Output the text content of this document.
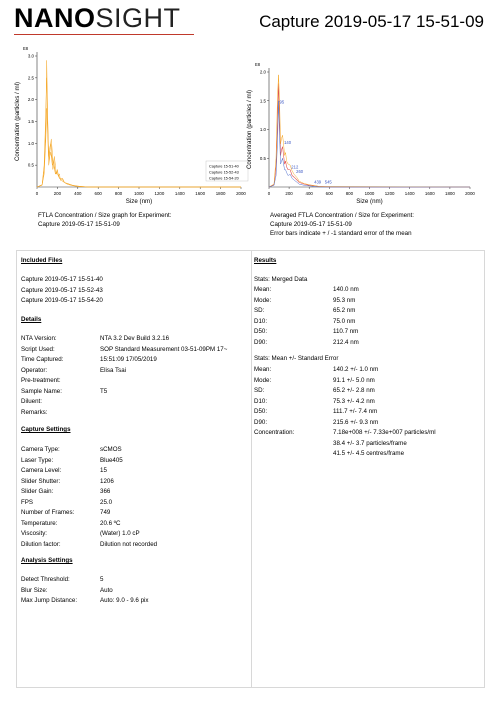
NANOSIGHT	Capture 2019-05-17 15-51-09
0	200	400	600	800	1000 1200 1400 1600 1800 2000
0.5
1.0
1.5
2.0
2.5
3.0
E8
Size (nm)
Concentration (particles / ml)
Capture 15-51-40
Capture 15-52-43
Capture 15-54-20
0	200	400	600	800	1000 1200 1400 1600 1800 2000
0.5
1.0
1.5
2.0
E8
Size (nm)
Concentration (particles / ml)	95
140
212
260
439 545
FTLA Concentration / Size graph for Experiment:
Capture 2019-05-17 15-51-09
Averaged FTLA Concentration / Size for Experiment:
Capture 2019-05-17 15-51-09
Error bars indicate + / -1 standard error of the mean
Included Files
Capture 2019-05-17 15-51-40
Capture 2019-05-17 15-52-43
Capture 2019-05-17 15-54-20
Details
NTA Version:	NTA 3.2 Dev Build 3.2.16
Script Used:	SOP Standard Measurement 03-51-09PM 17~
Time Captured:	15:51:09 17/05/2019
Operator:	Elisa Tsai
Pre-treatment:
Sample Name:	T5
Diluent:
Remarks:
Capture Settings
Camera Type:	sCMOS
Laser Type:	Blue405
Camera Level:	15
Slider Shutter:	1206
Slider Gain:	366
FPS	25.0
Number of Frames:	749
Temperature:	20.6 ºC
Viscosity:	(Water) 1.0 cP
Dilution factor:	Dilution not recorded
Analysis Settings
Detect Threshold:	5
Blur Size:	Auto
Max Jump Distance:	Auto: 9.0 - 9.6 pix
Results
Stats: Merged Data
Mean:	140.0 nm
Mode:	95.3 nm
SD:	65.2 nm
D10:	75.0 nm
D50:	110.7 nm
D90:	212.4 nm
Stats: Mean +/- Standard Error
Mean:	140.2 +/- 1.0 nm
Mode:	91.1 +/- 5.0 nm
SD:	65.2 +/- 2.8 nm
D10:	75.3 +/- 4.2 nm
D50:	111.7 +/- 7.4 nm
D90:	215.6 +/- 9.3 nm
Concentration:	7.18e+008 +/- 7.33e+007 particles/ml
38.4 +/- 3.7 particles/frame
41.5 +/- 4.5 centres/frame
